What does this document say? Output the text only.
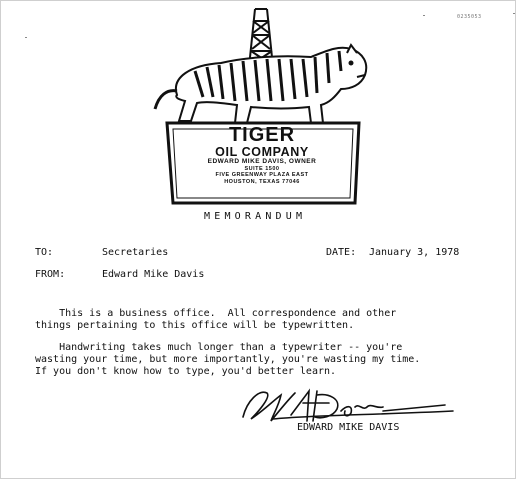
0235053
TIGER
OIL COMPANY
EDWARD MIKE DAVIS, OWNER
SUITE 1500
FIVE GREENWAY PLAZA EAST
HOUSTON, TEXAS 77046
MEMORANDUM
TO:	Secretaries	DATE: January 3, 1978
FROM:	Edward Mike Davis
This is a business office.  All correspondence and other
things pertaining to this office will be typewritten.
Handwriting takes much longer than a typewriter -- you're
wasting your time, but more importantly, you're wasting my time.
If you don't know how to type, you'd better learn.
EDWARD MIKE DAVIS
